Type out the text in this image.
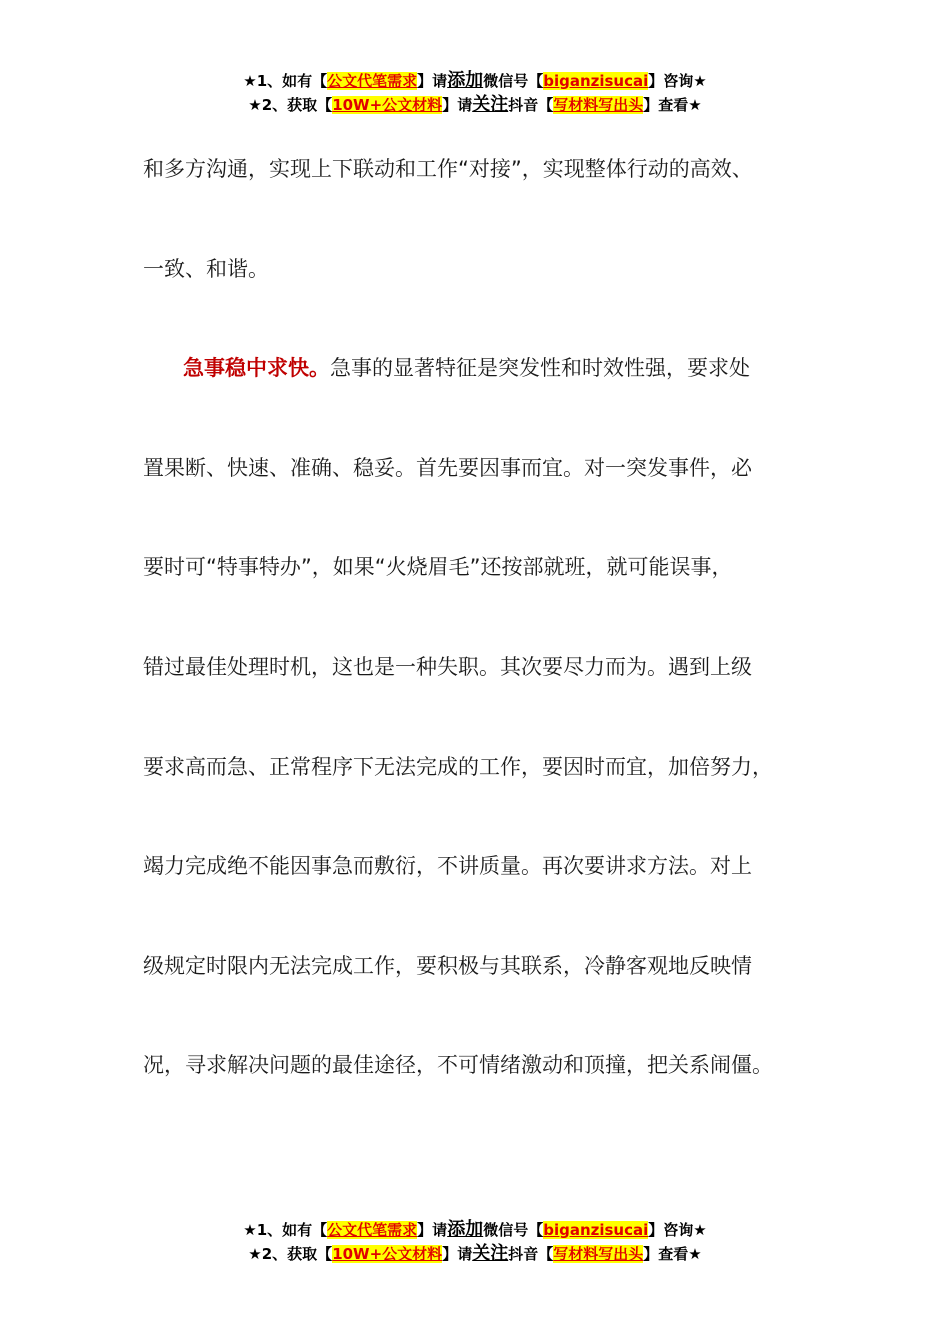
★1、如有【公文代笔需求】请添加微信号【biganzisucai】咨询★
★2、获取【10W+公文材料】请关注抖音【写材料写出头】查看★

和多方沟通，实现上下联动和工作“对接”，实现整体行动的高效、

一致、和谐。

急事稳中求快。急事的显著特征是突发性和时效性强，要求处

置果断、快速、准确、稳妥。首先要因事而宜。对一突发事件，必

要时可“特事特办”，如果“火烧眉毛”还按部就班，就可能误事，

错过最佳处理时机，这也是一种失职。其次要尽力而为。遇到上级

要求高而急、正常程序下无法完成的工作，要因时而宜，加倍努力，

竭力完成绝不能因事急而敷衍，不讲质量。再次要讲求方法。对上

级规定时限内无法完成工作，要积极与其联系，冷静客观地反映情

况，寻求解决问题的最佳途径，不可情绪激动和顶撞，把关系闹僵。

★1、如有【公文代笔需求】请添加微信号【biganzisucai】咨询★
★2、获取【10W+公文材料】请关注抖音【写材料写出头】查看★
